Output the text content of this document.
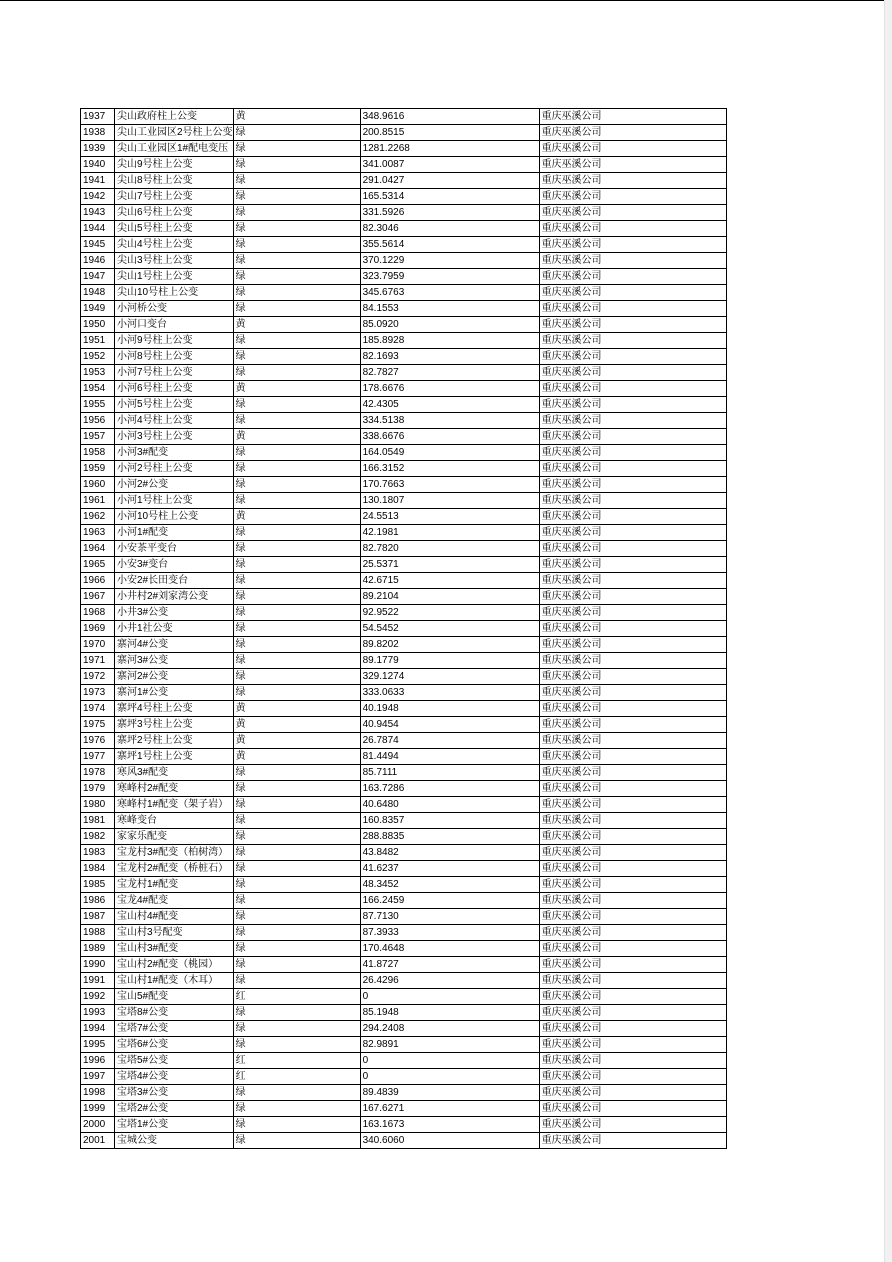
1937	尖山政府柱上公变	黄	348.9616	重庆巫溪公司
1938	尖山工业园区2号柱上公变	绿	200.8515	重庆巫溪公司
1939	尖山工业园区1#配电变压	绿	1281.2268	重庆巫溪公司
1940	尖山9号柱上公变	绿	341.0087	重庆巫溪公司
1941	尖山8号柱上公变	绿	291.0427	重庆巫溪公司
1942	尖山7号柱上公变	绿	165.5314	重庆巫溪公司
1943	尖山6号柱上公变	绿	331.5926	重庆巫溪公司
1944	尖山5号柱上公变	绿	82.3046	重庆巫溪公司
1945	尖山4号柱上公变	绿	355.5614	重庆巫溪公司
1946	尖山3号柱上公变	绿	370.1229	重庆巫溪公司
1947	尖山1号柱上公变	绿	323.7959	重庆巫溪公司
1948	尖山10号柱上公变	绿	345.6763	重庆巫溪公司
1949	小河桥公变	绿	84.1553	重庆巫溪公司
1950	小河口变台	黄	85.0920	重庆巫溪公司
1951	小河9号柱上公变	绿	185.8928	重庆巫溪公司
1952	小河8号柱上公变	绿	82.1693	重庆巫溪公司
1953	小河7号柱上公变	绿	82.7827	重庆巫溪公司
1954	小河6号柱上公变	黄	178.6676	重庆巫溪公司
1955	小河5号柱上公变	绿	42.4305	重庆巫溪公司
1956	小河4号柱上公变	绿	334.5138	重庆巫溪公司
1957	小河3号柱上公变	黄	338.6676	重庆巫溪公司
1958	小河3#配变	绿	164.0549	重庆巫溪公司
1959	小河2号柱上公变	绿	166.3152	重庆巫溪公司
1960	小河2#公变	绿	170.7663	重庆巫溪公司
1961	小河1号柱上公变	绿	130.1807	重庆巫溪公司
1962	小河10号柱上公变	黄	24.5513	重庆巫溪公司
1963	小河1#配变	绿	42.1981	重庆巫溪公司
1964	小安茶平变台	绿	82.7820	重庆巫溪公司
1965	小安3#变台	绿	25.5371	重庆巫溪公司
1966	小安2#长田变台	绿	42.6715	重庆巫溪公司
1967	小井村2#刘家湾公变	绿	89.2104	重庆巫溪公司
1968	小井3#公变	绿	92.9522	重庆巫溪公司
1969	小井1社公变	绿	54.5452	重庆巫溪公司
1970	寨河4#公变	绿	89.8202	重庆巫溪公司
1971	寨河3#公变	绿	89.1779	重庆巫溪公司
1972	寨河2#公变	绿	329.1274	重庆巫溪公司
1973	寨河1#公变	绿	333.0633	重庆巫溪公司
1974	寨坪4号柱上公变	黄	40.1948	重庆巫溪公司
1975	寨坪3号柱上公变	黄	40.9454	重庆巫溪公司
1976	寨坪2号柱上公变	黄	26.7874	重庆巫溪公司
1977	寨坪1号柱上公变	黄	81.4494	重庆巫溪公司
1978	寒风3#配变	绿	85.7111	重庆巫溪公司
1979	寒峰村2#配变	绿	163.7286	重庆巫溪公司
1980	寒峰村1#配变（架子岩）	绿	40.6480	重庆巫溪公司
1981	寒峰变台	绿	160.8357	重庆巫溪公司
1982	家家乐配变	绿	288.8835	重庆巫溪公司
1983	宝龙村3#配变（柏树湾）	绿	43.8482	重庆巫溪公司
1984	宝龙村2#配变（桥桩石）	绿	41.6237	重庆巫溪公司
1985	宝龙村1#配变	绿	48.3452	重庆巫溪公司
1986	宝龙4#配变	绿	166.2459	重庆巫溪公司
1987	宝山村4#配变	绿	87.7130	重庆巫溪公司
1988	宝山村3号配变	绿	87.3933	重庆巫溪公司
1989	宝山村3#配变	绿	170.4648	重庆巫溪公司
1990	宝山村2#配变（桃园）	绿	41.8727	重庆巫溪公司
1991	宝山村1#配变（木耳）	绿	26.4296	重庆巫溪公司
1992	宝山5#配变	红	0	重庆巫溪公司
1993	宝塔8#公变	绿	85.1948	重庆巫溪公司
1994	宝塔7#公变	绿	294.2408	重庆巫溪公司
1995	宝塔6#公变	绿	82.9891	重庆巫溪公司
1996	宝塔5#公变	红	0	重庆巫溪公司
1997	宝塔4#公变	红	0	重庆巫溪公司
1998	宝塔3#公变	绿	89.4839	重庆巫溪公司
1999	宝塔2#公变	绿	167.6271	重庆巫溪公司
2000	宝塔1#公变	绿	163.1673	重庆巫溪公司
2001	宝城公变	绿	340.6060	重庆巫溪公司
